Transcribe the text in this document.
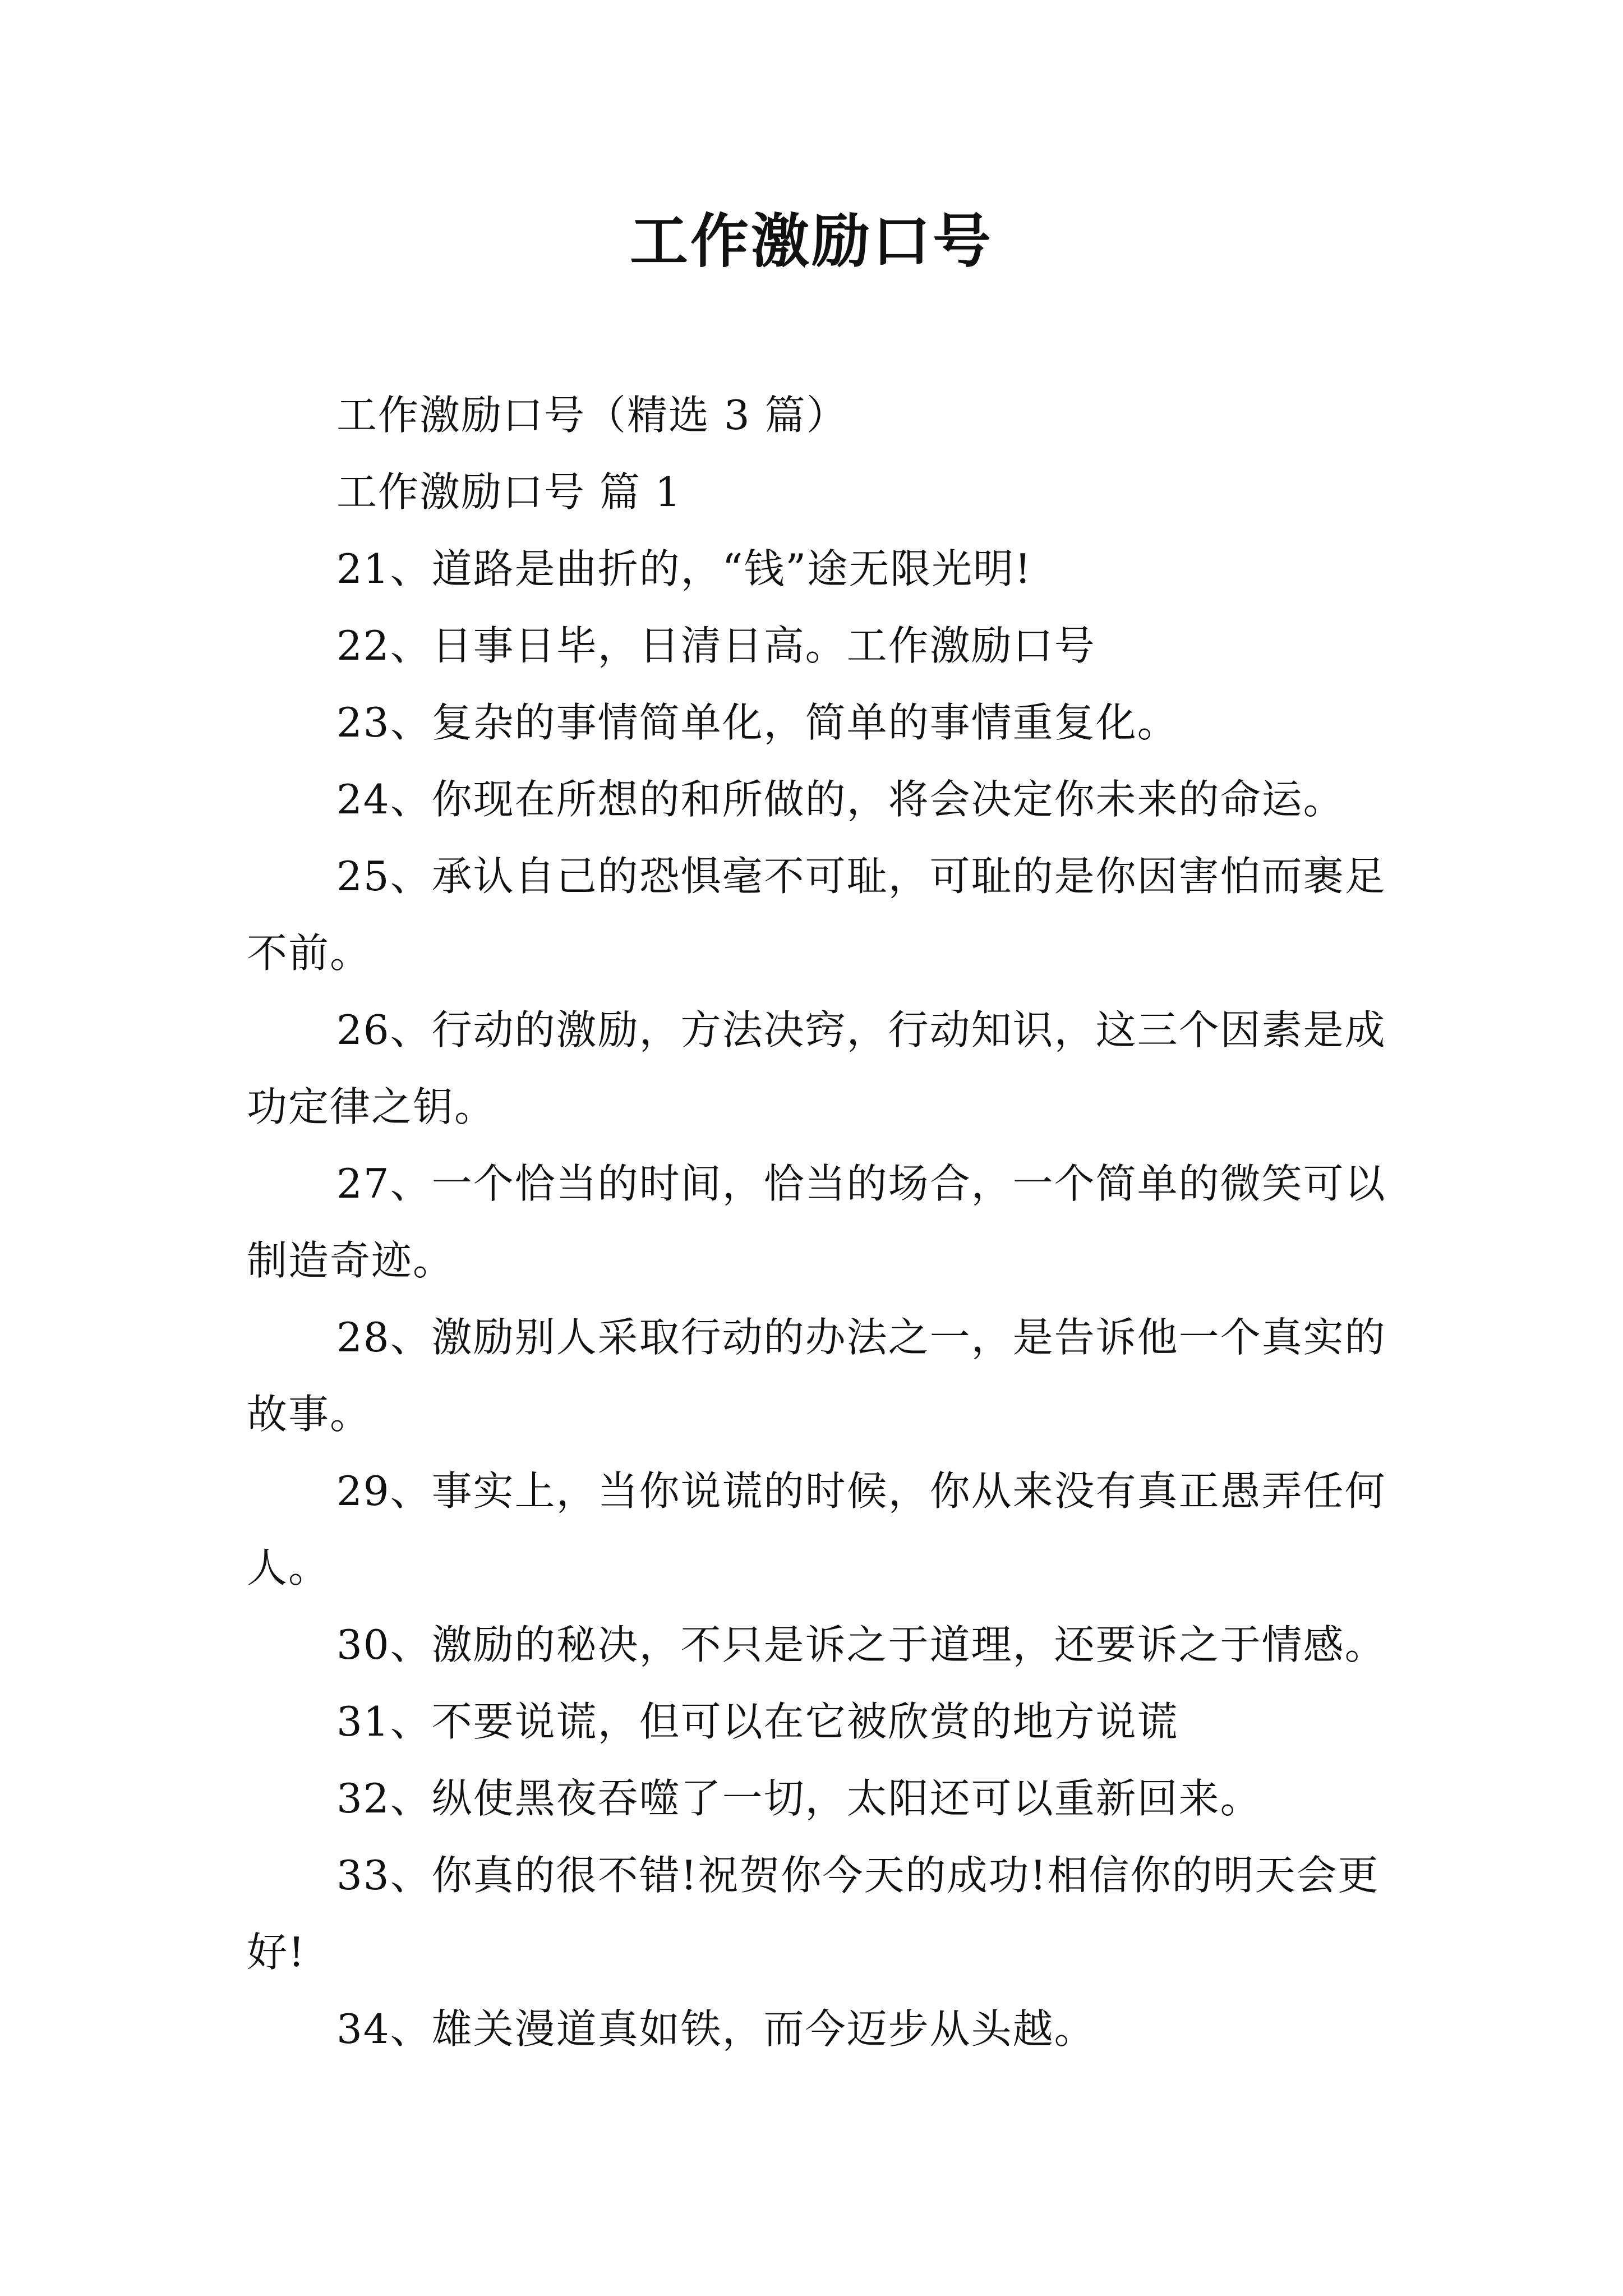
工作激励口号

工作激励口号（精选 3 篇）

工作激励口号 篇 1

21、道路是曲折的，“钱”途无限光明!

22、日事日毕，日清日高。工作激励口号

23、复杂的事情简单化，简单的事情重复化。

24、你现在所想的和所做的，将会决定你未来的命运。

25、承认自己的恐惧毫不可耻，可耻的是你因害怕而裹足不前。

26、行动的激励，方法决窍，行动知识，这三个因素是成功定律之钥。

27、一个恰当的时间，恰当的场合，一个简单的微笑可以制造奇迹。

28、激励别人采取行动的办法之一，是告诉他一个真实的故事。

29、事实上，当你说谎的时候，你从来没有真正愚弄任何人。

30、激励的秘决，不只是诉之于道理，还要诉之于情感。

31、不要说谎，但可以在它被欣赏的地方说谎

32、纵使黑夜吞噬了一切，太阳还可以重新回来。

33、你真的很不错!祝贺你今天的成功!相信你的明天会更好!

34、雄关漫道真如铁，而今迈步从头越。
